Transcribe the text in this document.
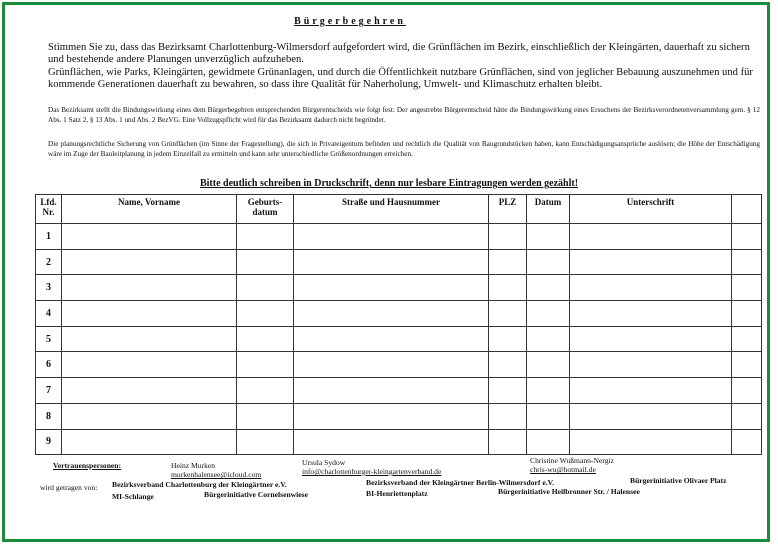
Bürgerbegehren
Stimmen Sie zu, dass das Bezirksamt Charlottenburg-Wilmersdorf aufgefordert wird, die Grünflächen im Bezirk, einschließlich der Kleingärten, dauerhaft zu sichern und bestehende andere Planungen unverzüglich aufzuheben.
Grünflächen, wie Parks, Kleingärten, gewidmete Grünanlagen, und durch die Öffentlichkeit nutzbare Grünflächen, sind von jeglicher Bebauung auszunehmen und für kommende Generationen dauerhaft zu bewahren, so dass ihre Qualität für Naherholung, Umwelt- und Klimaschutz erhalten bleibt.
Das Bezirksamt stellt die Bindungswirkung eines dem Bürgerbegehren entsprechenden Bürgerentscheids wie folgt fest: Der angestrebte Bürgerentscheid hätte die Bindungswirkung eines Ersuchens der Bezirksverordnetenversammlung gem. § 12 Abs. 1 Satz 2, § 13 Abs. 1 und Abs. 2 BezVG. Eine Vollzugspflicht wird für das Bezirksamt dadurch nicht begründet.
Die planungsrechtliche Sicherung von Grünflächen (im Sinne der Fragestellung), die sich in Privateigentum befinden und rechtlich die Qualität von Baugrundstücken haben, kann Entschädigungsansprüche auslösen; die Höhe der Entschädigung wäre im Zuge der Bauleitplanung in jedem Einzelfall zu ermitteln und kann sehr unterschiedliche Größenordnungen erreichen.
Bitte deutlich schreiben in Druckschrift, denn nur lesbare Eintragungen werden gezählt!
Lfd. Nr.	Name, Vorname	Geburts- datum	Straße und Hausnummer	PLZ	Datum	Unterschrift	
1							
2							
3							
4							
5							
6							
7							
8							
9							
Vertrauenspersonen:	Heinz Murken
murkenhalensee@icloud.com
Ursula Sydow
info@charlottenburger-kleingartenverband.de
Christine Wußmann-Nergiz
chris-wu@hotmail.de
wird getragen von: Bezirksverband Charlottenburg der Kleingärtner e.V.	Bezirksverband der Kleingärtner Berlin-Wilmersdorf e.V.	Bürgerinitiative Olivaer Platz
MI-Schlange	Bürgerinitiative Cornelsenwiese	BI-Henriettenplatz	Bürgerinitiative Heilbronner Str. / Halensee
